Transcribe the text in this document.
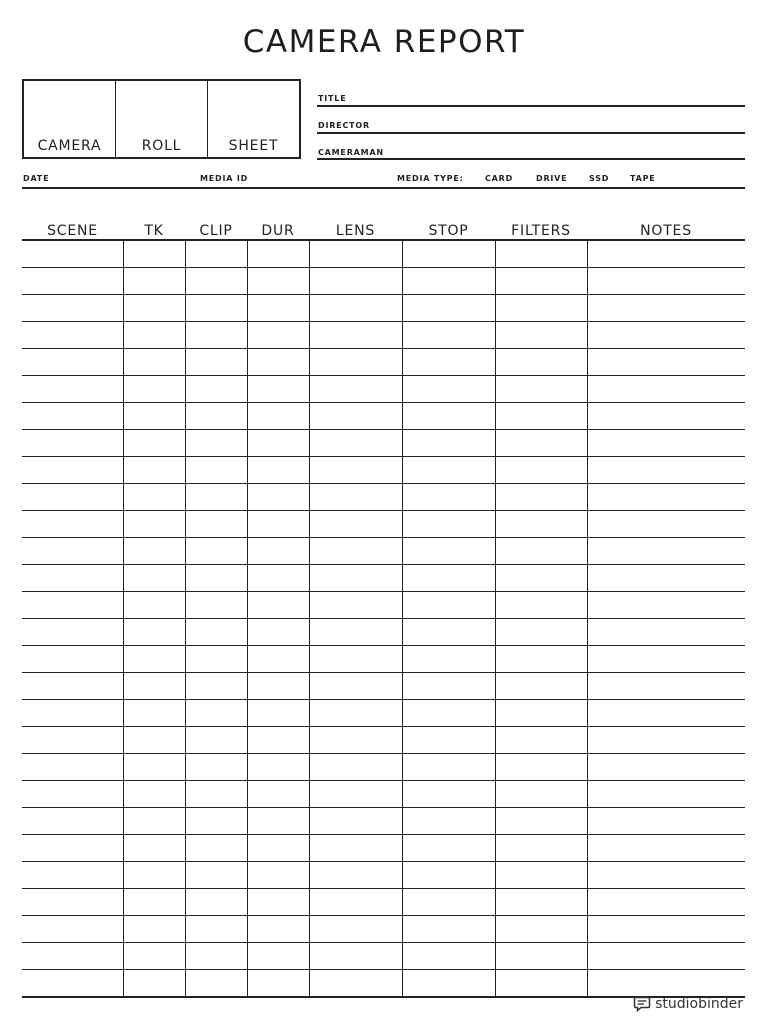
CAMERA REPORT
CAMERA	ROLL	SHEET
TITLE
DIRECTOR
CAMERAMAN
DATE	MEDIA ID	MEDIA TYPE:	CARD	DRIVE	SSD	TAPE
SCENE	TK	CLIP	DUR	LENS	STOP	FILTERS	NOTES

studiobinder
